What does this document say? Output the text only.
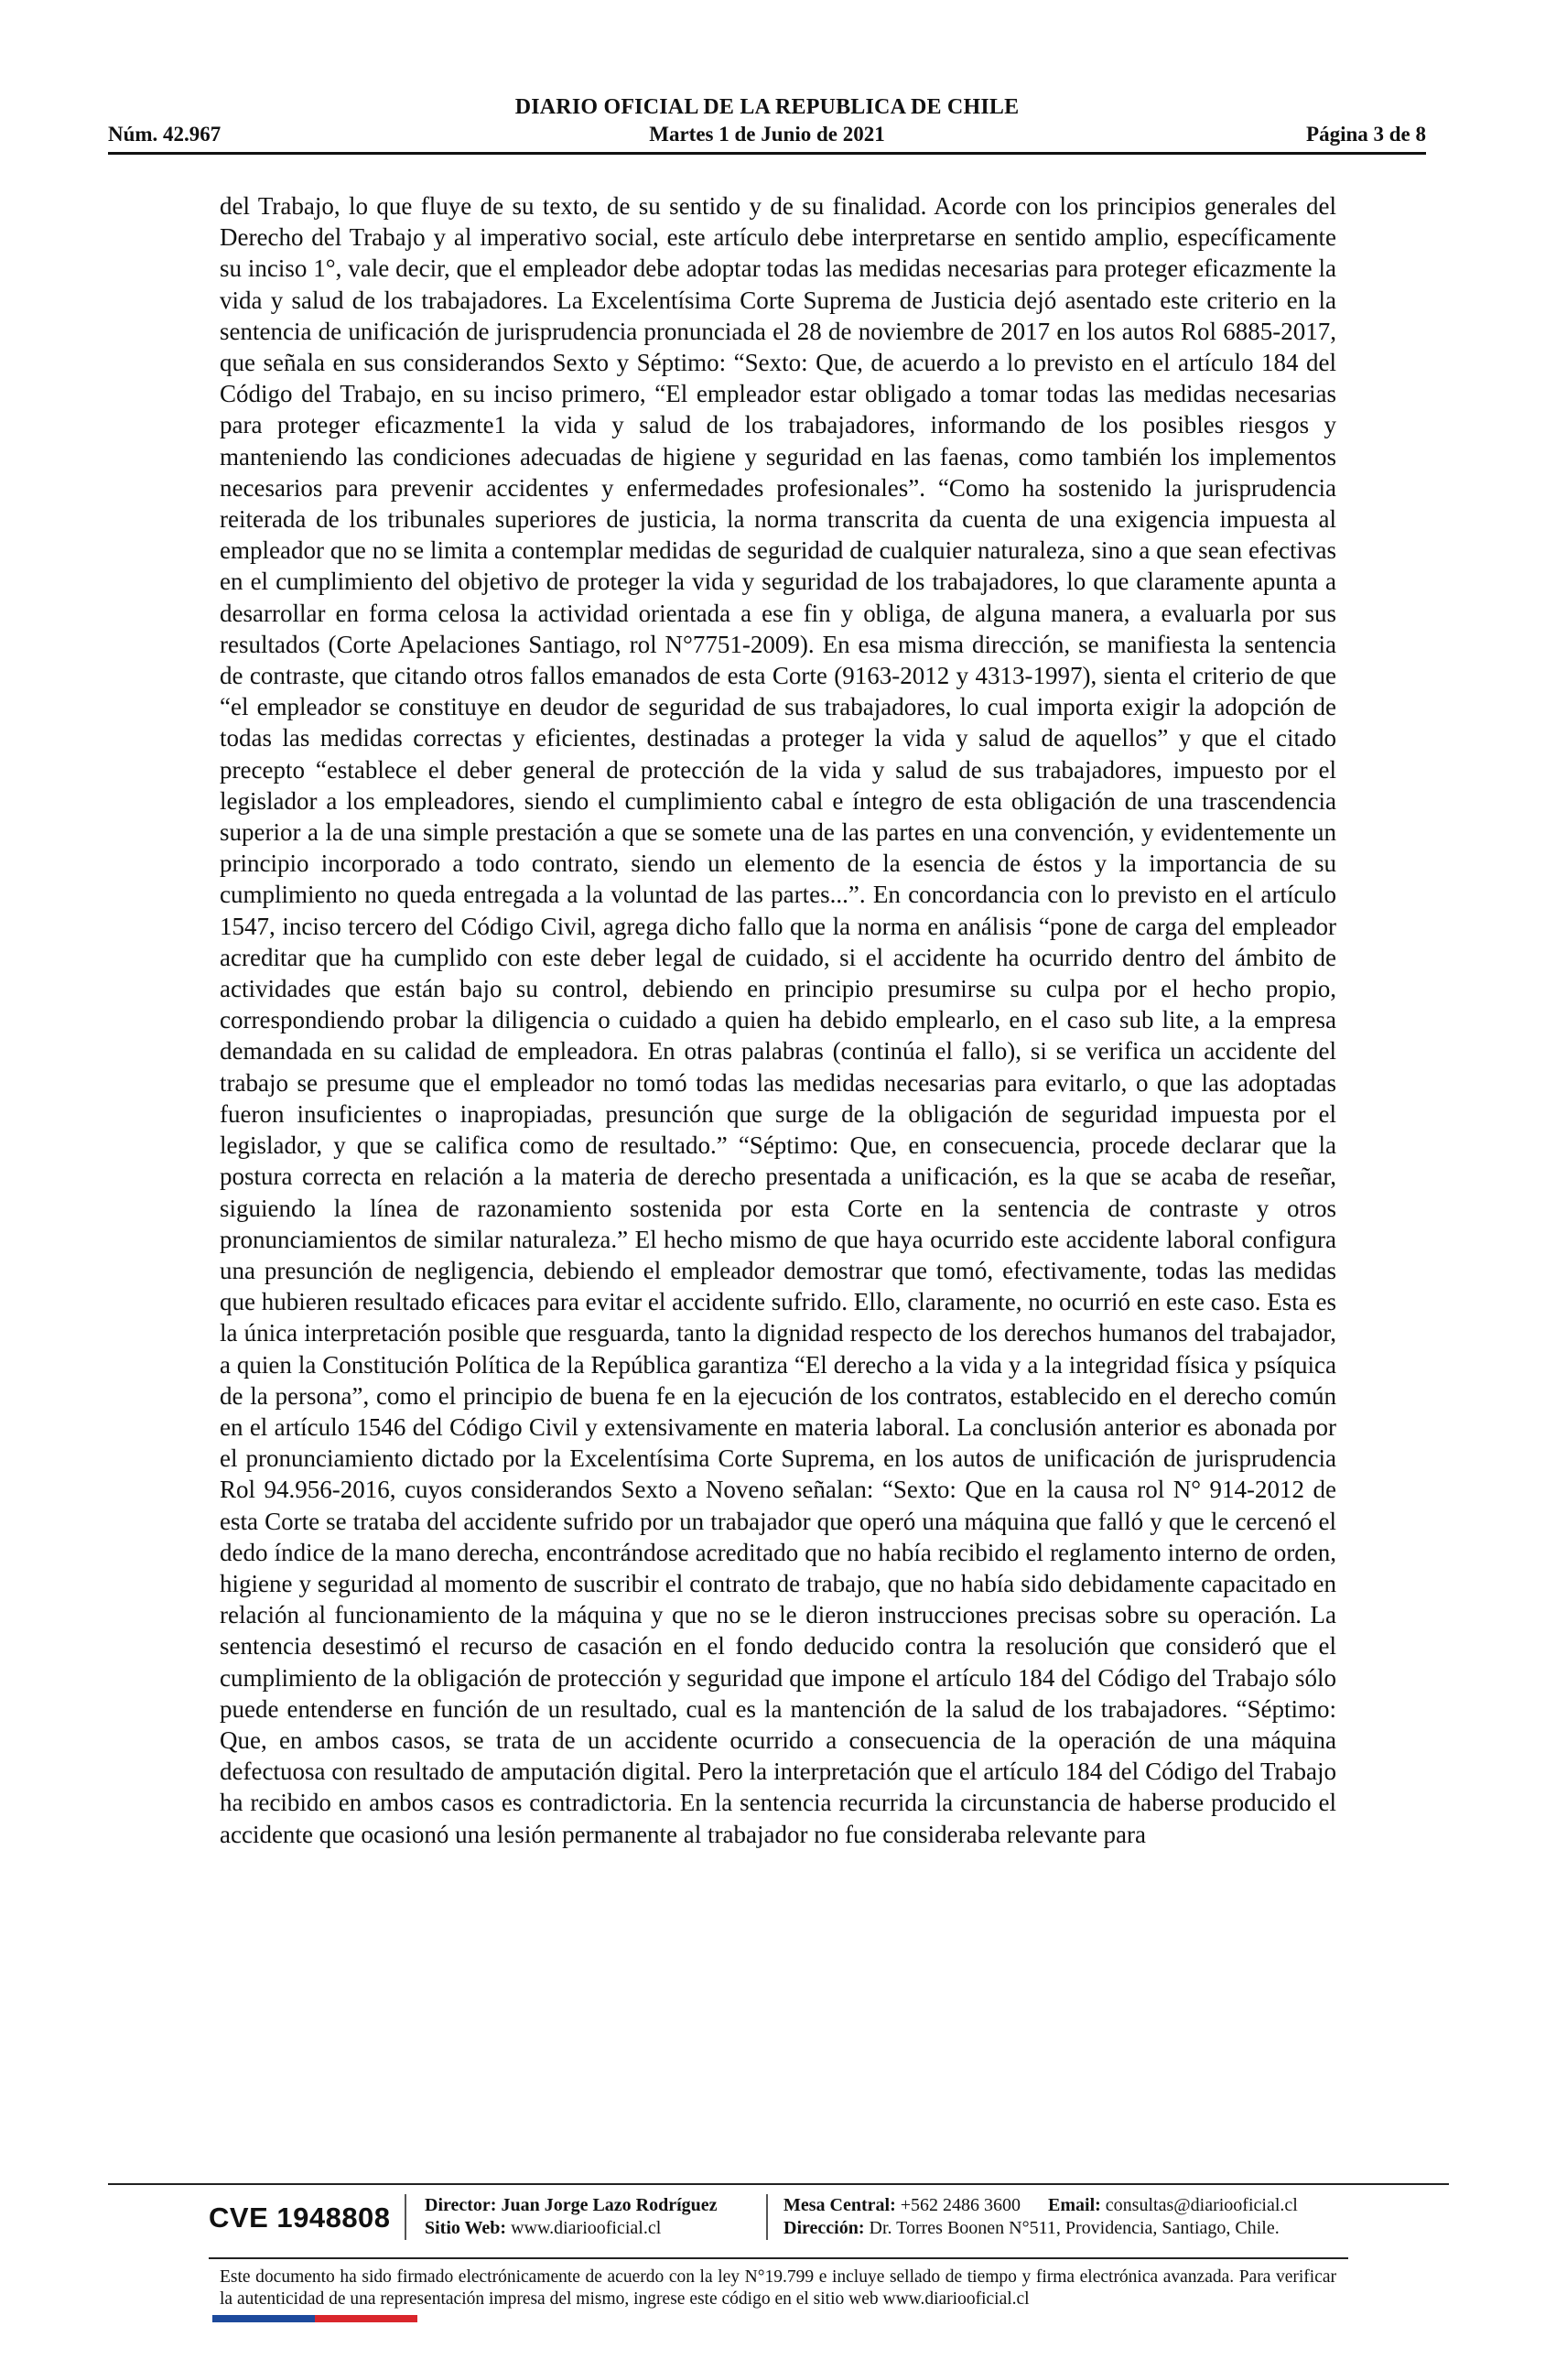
DIARIO OFICIAL DE LA REPUBLICA DE CHILE
Núm. 42.967	Martes 1 de Junio de 2021	Página 3 de 8
del Trabajo, lo que fluye de su texto, de su sentido y de su finalidad. Acorde con los principios generales del Derecho del Trabajo y al imperativo social, este artículo debe interpretarse en sentido amplio, específicamente su inciso 1°, vale decir, que el empleador debe adoptar todas las medidas necesarias para proteger eficazmente la vida y salud de los trabajadores. La Excelentísima Corte Suprema de Justicia dejó asentado este criterio en la sentencia de unificación de jurisprudencia pronunciada el 28 de noviembre de 2017 en los autos Rol 6885-2017, que señala en sus considerandos Sexto y Séptimo: “Sexto: Que, de acuerdo a lo previsto en el artículo 184 del Código del Trabajo, en su inciso primero, “El empleador estar obligado a tomar todas las medidas necesarias para proteger eficazmente1 la vida y salud de los trabajadores, informando de los posibles riesgos y manteniendo las condiciones adecuadas de higiene y seguridad en las faenas, como también los implementos necesarios para prevenir accidentes y enfermedades profesionales”. “Como ha sostenido la jurisprudencia reiterada de los tribunales superiores de justicia, la norma transcrita da cuenta de una exigencia impuesta al empleador que no se limita a contemplar medidas de seguridad de cualquier naturaleza, sino a que sean efectivas en el cumplimiento del objetivo de proteger la vida y seguridad de los trabajadores, lo que claramente apunta a desarrollar en forma celosa la actividad orientada a ese fin y obliga, de alguna manera, a evaluarla por sus resultados (Corte Apelaciones Santiago, rol N°7751-2009). En esa misma dirección, se manifiesta la sentencia de contraste, que citando otros fallos emanados de esta Corte (9163-2012 y 4313-1997), sienta el criterio de que “el empleador se constituye en deudor de seguridad de sus trabajadores, lo cual importa exigir la adopción de todas las medidas correctas y eficientes, destinadas a proteger la vida y salud de aquellos” y que el citado precepto “establece el deber general de protección de la vida y salud de sus trabajadores, impuesto por el legislador a los empleadores, siendo el cumplimiento cabal e íntegro de esta obligación de una trascendencia superior a la de una simple prestación a que se somete una de las partes en una convención, y evidentemente un principio incorporado a todo contrato, siendo un elemento de la esencia de éstos y la importancia de su cumplimiento no queda entregada a la voluntad de las partes...”. En concordancia con lo previsto en el artículo 1547, inciso tercero del Código Civil, agrega dicho fallo que la norma en análisis “pone de carga del empleador acreditar que ha cumplido con este deber legal de cuidado, si el accidente ha ocurrido dentro del ámbito de actividades que están bajo su control, debiendo en principio presumirse su culpa por el hecho propio, correspondiendo probar la diligencia o cuidado a quien ha debido emplearlo, en el caso sub lite, a la empresa demandada en su calidad de empleadora. En otras palabras (continúa el fallo), si se verifica un accidente del trabajo se presume que el empleador no tomó todas las medidas necesarias para evitarlo, o que las adoptadas fueron insuficientes o inapropiadas, presunción que surge de la obligación de seguridad impuesta por el legislador, y que se califica como de resultado.” “Séptimo: Que, en consecuencia, procede declarar que la postura correcta en relación a la materia de derecho presentada a unificación, es la que se acaba de reseñar, siguiendo la línea de razonamiento sostenida por esta Corte en la sentencia de contraste y otros pronunciamientos de similar naturaleza.” El hecho mismo de que haya ocurrido este accidente laboral configura una presunción de negligencia, debiendo el empleador demostrar que tomó, efectivamente, todas las medidas que hubieren resultado eficaces para evitar el accidente sufrido. Ello, claramente, no ocurrió en este caso. Esta es la única interpretación posible que resguarda, tanto la dignidad respecto de los derechos humanos del trabajador, a quien la Constitución Política de la República garantiza “El derecho a la vida y a la integridad física y psíquica de la persona”, como el principio de buena fe en la ejecución de los contratos, establecido en el derecho común en el artículo 1546 del Código Civil y extensivamente en materia laboral. La conclusión anterior es abonada por el pronunciamiento dictado por la Excelentísima Corte Suprema, en los autos de unificación de jurisprudencia Rol 94.956-2016, cuyos considerandos Sexto a Noveno señalan: “Sexto: Que en la causa rol N° 914-2012 de esta Corte se trataba del accidente sufrido por un trabajador que operó una máquina que falló y que le cercenó el dedo índice de la mano derecha, encontrándose acreditado que no había recibido el reglamento interno de orden, higiene y seguridad al momento de suscribir el contrato de trabajo, que no había sido debidamente capacitado en relación al funcionamiento de la máquina y que no se le dieron instrucciones precisas sobre su operación. La sentencia desestimó el recurso de casación en el fondo deducido contra la resolución que consideró que el cumplimiento de la obligación de protección y seguridad que impone el artículo 184 del Código del Trabajo sólo puede entenderse en función de un resultado, cual es la mantención de la salud de los trabajadores. “Séptimo: Que, en ambos casos, se trata de un accidente ocurrido a consecuencia de la operación de una máquina defectuosa con resultado de amputación digital. Pero la interpretación que el artículo 184 del Código del Trabajo ha recibido en ambos casos es contradictoria. En la sentencia recurrida la circunstancia de haberse producido el accidente que ocasionó una lesión permanente al trabajador no fue consideraba relevante para
CVE 1948808 Director: Juan Jorge Lazo Rodríguez
Sitio Web: www.diariooficial.cl
Mesa Central: +562 2486 3600 Email: consultas@diariooficial.cl
Dirección: Dr. Torres Boonen N°511, Providencia, Santiago, Chile.
Este documento ha sido firmado electrónicamente de acuerdo con la ley N°19.799 e incluye sellado de tiempo y firma electrónica avanzada. Para verificar la autenticidad de una representación impresa del mismo, ingrese este código en el sitio web www.diariooficial.cl
